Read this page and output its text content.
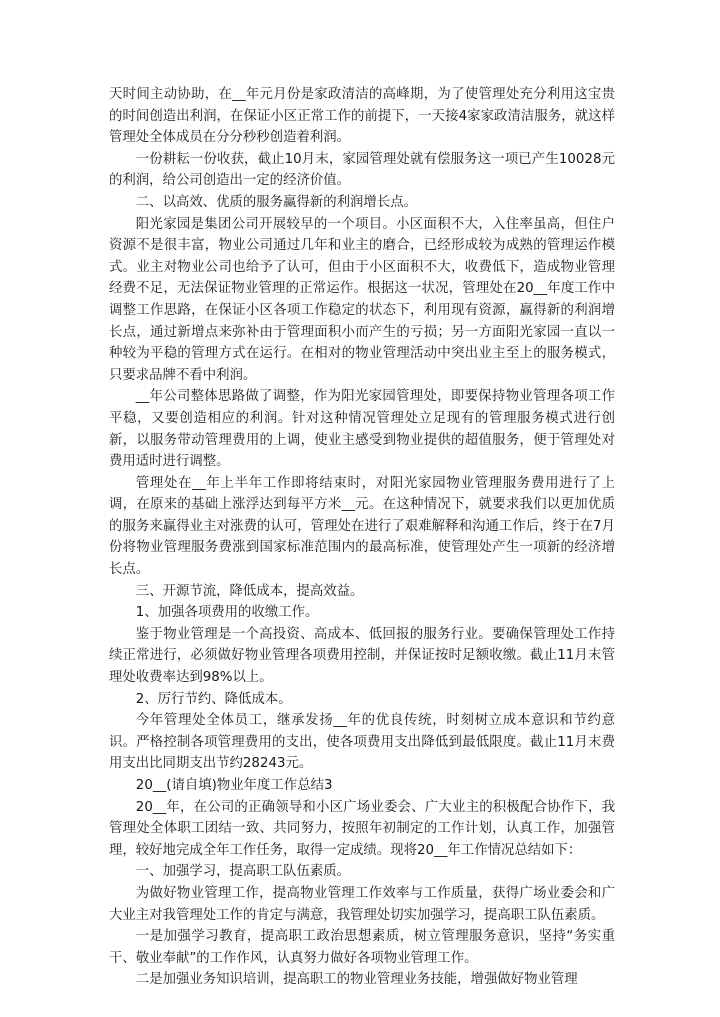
天时间主动协助，在__年元月份是家政清洁的高峰期，为了使管理处充分利用这宝贵的时间创造出利润，在保证小区正常工作的前提下，一天接4家家政清洁服务，就这样管理处全体成员在分分秒秒创造着利润。

一份耕耘一份收获，截止10月末，家园管理处就有偿服务这一项已产生10028元的利润，给公司创造出一定的经济价值。

二、以高效、优质的服务赢得新的利润增长点。

阳光家园是集团公司开展较早的一个项目。小区面积不大，入住率虽高，但住户资源不是很丰富，物业公司通过几年和业主的磨合，已经形成较为成熟的管理运作模式。业主对物业公司也给予了认可，但由于小区面积不大，收费低下，造成物业管理经费不足，无法保证物业管理的正常运作。根据这一状况，管理处在20__年度工作中调整工作思路，在保证小区各项工作稳定的状态下，利用现有资源，赢得新的利润增长点，通过新增点来弥补由于管理面积小而产生的亏损；另一方面阳光家园一直以一种较为平稳的管理方式在运行。在相对的物业管理活动中突出业主至上的服务模式，只要求品牌不看中利润。

__年公司整体思路做了调整，作为阳光家园管理处，即要保持物业管理各项工作平稳，又要创造相应的利润。针对这种情况管理处立足现有的管理服务模式进行创新，以服务带动管理费用的上调，使业主感受到物业提供的超值服务，便于管理处对费用适时进行调整。

管理处在__年上半年工作即将结束时，对阳光家园物业管理服务费用进行了上调，在原来的基础上涨浮达到每平方米__元。在这种情况下，就要求我们以更加优质的服务来赢得业主对涨费的认可，管理处在进行了艰难解释和沟通工作后，终于在7月份将物业管理服务费涨到国家标准范围内的最高标准，使管理处产生一项新的经济增长点。

三、开源节流，降低成本，提高效益。

1、加强各项费用的收缴工作。

鉴于物业管理是一个高投资、高成本、低回报的服务行业。要确保管理处工作持续正常进行，必须做好物业管理各项费用控制，并保证按时足额收缴。截止11月末管理处收费率达到98%以上。

2、厉行节约、降低成本。

今年管理处全体员工，继承发扬__年的优良传统，时刻树立成本意识和节约意识。严格控制各项管理费用的支出，使各项费用支出降低到最低限度。截止11月末费用支出比同期支出节约28243元。

20__(请自填)物业年度工作总结3

20__年，在公司的正确领导和小区广场业委会、广大业主的积极配合协作下，我管理处全体职工团结一致、共同努力，按照年初制定的工作计划，认真工作，加强管理，较好地完成全年工作任务，取得一定成绩。现将20__年工作情况总结如下：

一、加强学习，提高职工队伍素质。

为做好物业管理工作，提高物业管理工作效率与工作质量，获得广场业委会和广大业主对我管理处工作的肯定与满意，我管理处切实加强学习，提高职工队伍素质。

一是加强学习教育，提高职工政治思想素质，树立管理服务意识，坚持“务实重干、敬业奉献”的工作作风，认真努力做好各项物业管理工作。

二是加强业务知识培训，提高职工的物业管理业务技能，增强做好物业管理
